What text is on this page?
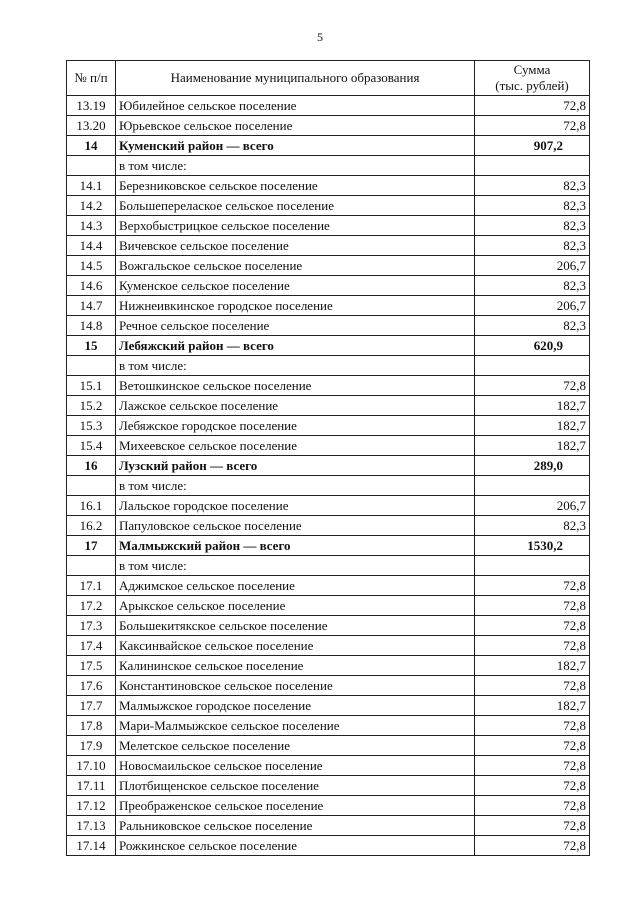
5
№ п/п	Наименование муниципального образования	Сумма
(тыс. рублей)

13.19	Юбилейное сельское поселение	72,8
13.20	Юрьевское сельское поселение	72,8
14	Куменский район — всего	907,2
	в том числе:	
14.1	Березниковское сельское поселение	82,3
14.2	Большеперелаское сельское поселение	82,3
14.3	Верхобыстрицкое сельское поселение	82,3
14.4	Вичевское сельское поселение	82,3
14.5	Вожгальское сельское поселение	206,7
14.6	Куменское сельское поселение	82,3
14.7	Нижнеивкинское городское поселение	206,7
14.8	Речное сельское поселение	82,3
15	Лебяжский район — всего	620,9
	в том числе:	
15.1	Ветошкинское сельское поселение	72,8
15.2	Лажское сельское поселение	182,7
15.3	Лебяжское городское поселение	182,7
15.4	Михеевское сельское поселение	182,7
16	Лузский район — всего	289,0
	в том числе:	
16.1	Лальское городское поселение	206,7
16.2	Папуловское сельское поселение	82,3
17	Малмыжский район — всего	1530,2
	в том числе:	
17.1	Аджимское сельское поселение	72,8
17.2	Арыкское сельское поселение	72,8
17.3	Большекитякское сельское поселение	72,8
17.4	Каксинвайское сельское поселение	72,8
17.5	Калининское сельское поселение	182,7
17.6	Константиновское сельское поселение	72,8
17.7	Малмыжское городское поселение	182,7
17.8	Мари-Малмыжское сельское поселение	72,8
17.9	Мелетское сельское поселение	72,8
17.10	Новосмаильское сельское поселение	72,8
17.11	Плотбищенское сельское поселение	72,8
17.12	Преображенское сельское поселение	72,8
17.13	Ральниковское сельское поселение	72,8
17.14	Рожкинское сельское поселение	72,8
